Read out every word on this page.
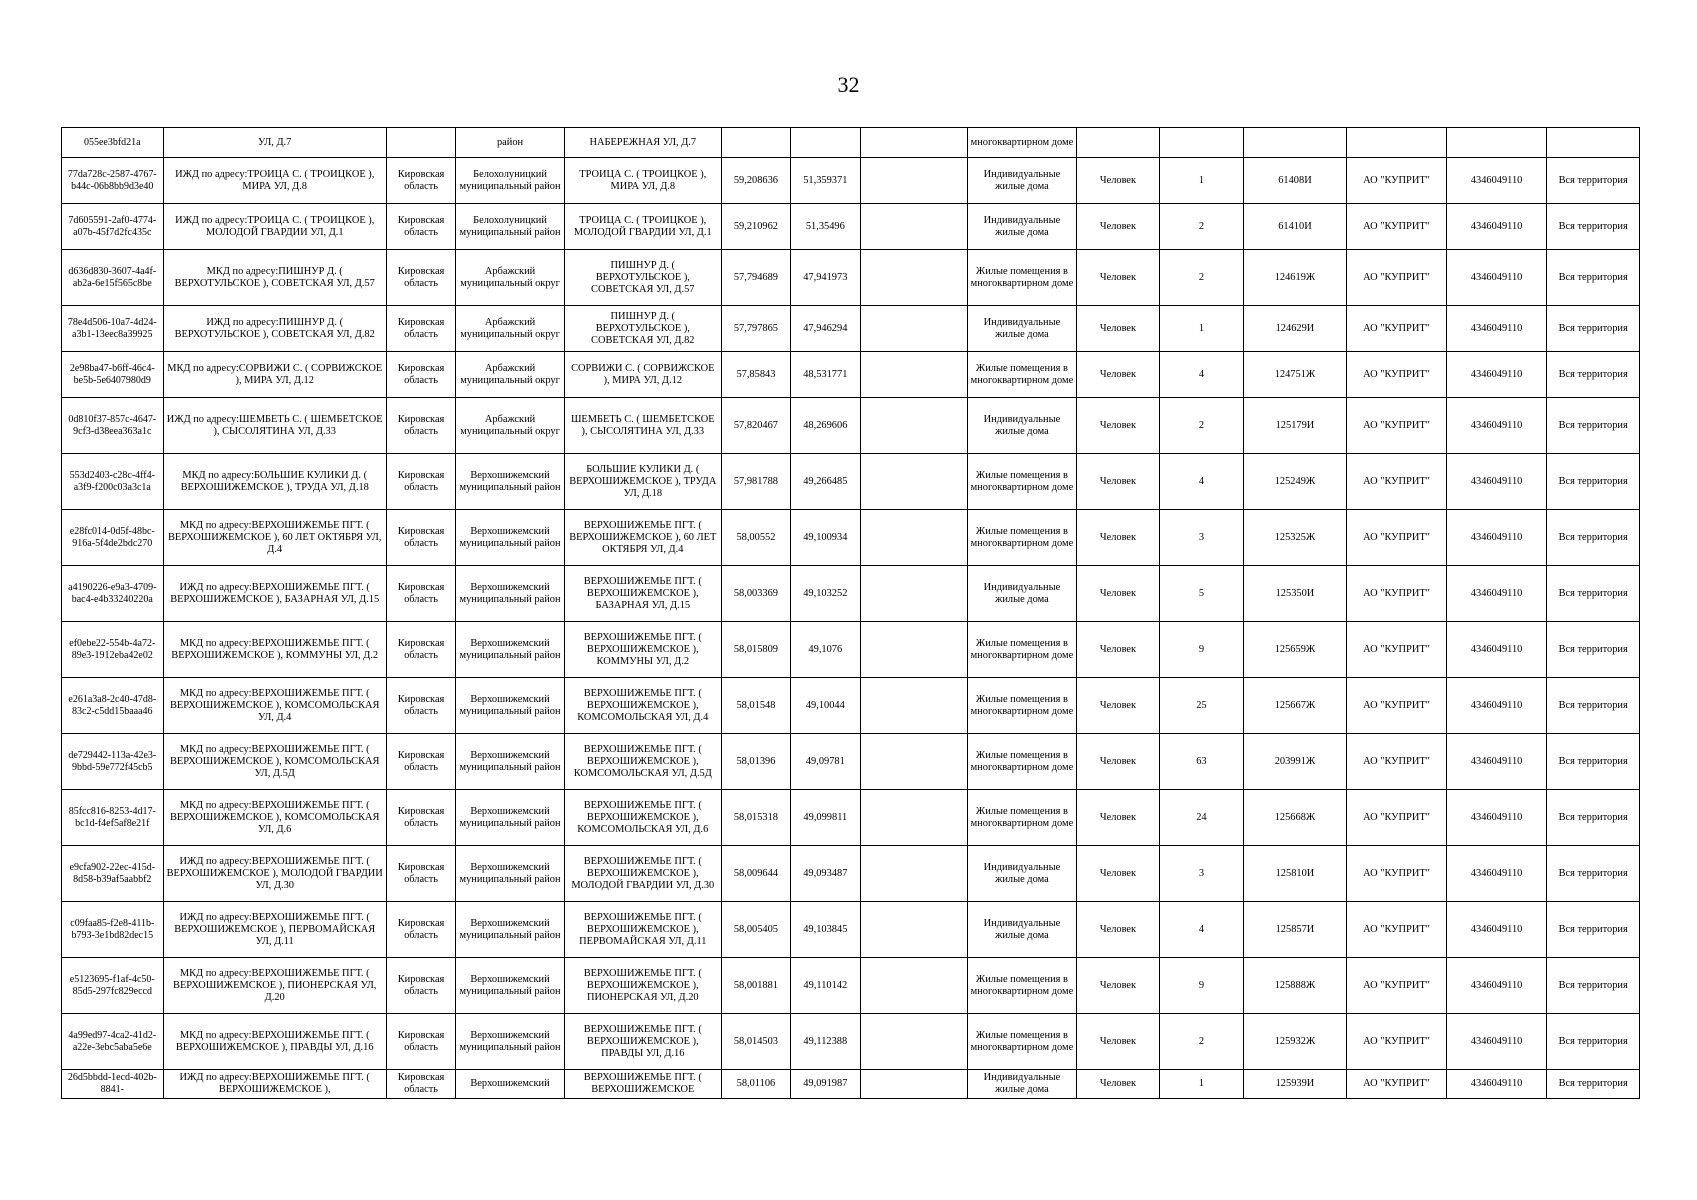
32
055ee3bfd21a	УЛ, Д.7		район	НАБЕРЕЖНАЯ УЛ, Д.7				многоквартирном доме						
77da728c-2587-4767-b44c-06b8bb9d3e40	ИЖД по адресу:ТРОИЦА С. ( ТРОИЦКОЕ ), МИРА УЛ, Д.8	Кировская область	Белохолуницкий муниципальный район	ТРОИЦА С. ( ТРОИЦКОЕ ), МИРА УЛ, Д.8	59,208636	51,359371		Индивидуальные жилые дома	Человек	1	61408И	АО "КУПРИТ"	4346049110	Вся территория
7d605591-2af0-4774-a07b-45f7d2fc435c	ИЖД по адресу:ТРОИЦА С. ( ТРОИЦКОЕ ), МОЛОДОЙ ГВАРДИИ УЛ, Д.1	Кировская область	Белохолуницкий муниципальный район	ТРОИЦА С. ( ТРОИЦКОЕ ), МОЛОДОЙ ГВАРДИИ УЛ, Д.1	59,210962	51,35496		Индивидуальные жилые дома	Человек	2	61410И	АО "КУПРИТ"	4346049110	Вся территория
d636d830-3607-4a4f-ab2a-6e15f565c8be	МКД по адресу:ПИШНУР Д. ( ВЕРХОТУЛЬСКОЕ ), СОВЕТСКАЯ УЛ, Д.57	Кировская область	Арбажский муниципальный округ	ПИШНУР Д. ( ВЕРХОТУЛЬСКОЕ ), СОВЕТСКАЯ УЛ, Д.57	57,794689	47,941973		Жилые помещения в многоквартирном доме	Человек	2	124619Ж	АО "КУПРИТ"	4346049110	Вся территория
78e4d506-10a7-4d24-a3b1-13eec8a39925	ИЖД по адресу:ПИШНУР Д. ( ВЕРХОТУЛЬСКОЕ ), СОВЕТСКАЯ УЛ, Д.82	Кировская область	Арбажский муниципальный округ	ПИШНУР Д. ( ВЕРХОТУЛЬСКОЕ ), СОВЕТСКАЯ УЛ, Д.82	57,797865	47,946294		Индивидуальные жилые дома	Человек	1	124629И	АО "КУПРИТ"	4346049110	Вся территория
2e98ba47-b6ff-46c4-be5b-5e6407980d9	МКД по адресу:СОРВИЖИ С. ( СОРВИЖСКОЕ ), МИРА УЛ, Д.12	Кировская область	Арбажский муниципальный округ	СОРВИЖИ С. ( СОРВИЖСКОЕ ), МИРА УЛ, Д.12	57,85843	48,531771		Жилые помещения в многоквартирном доме	Человек	4	124751Ж	АО "КУПРИТ"	4346049110	Вся территория
0d810f37-857c-4647-9cf3-d38eea363a1c	ИЖД по адресу:ШЕМБЕТЬ С. ( ШЕМБЕТСКОЕ ), СЫСОЛЯТИНА УЛ, Д.33	Кировская область	Арбажский муниципальный округ	ШЕМБЕТЬ С. ( ШЕМБЕТСКОЕ ), СЫСОЛЯТИНА УЛ, Д.33	57,820467	48,269606		Индивидуальные жилые дома	Человек	2	125179И	АО "КУПРИТ"	4346049110	Вся территория
553d2403-c28c-4ff4-a3f9-f200c03a3c1a	МКД по адресу:БОЛЬШИЕ КУЛИКИ Д. ( ВЕРХОШИЖЕМСКОЕ ), ТРУДА УЛ, Д.18	Кировская область	Верхошижемский муниципальный район	БОЛЬШИЕ КУЛИКИ Д. ( ВЕРХОШИЖЕМСКОЕ ), ТРУДА УЛ, Д.18	57,981788	49,266485		Жилые помещения в многоквартирном доме	Человек	4	125249Ж	АО "КУПРИТ"	4346049110	Вся территория
e28fc014-0d5f-48bc-916a-5f4de2bdc270	МКД по адресу:ВЕРХОШИЖЕМЬЕ ПГТ. ( ВЕРХОШИЖЕМСКОЕ ), 60 ЛЕТ ОКТЯБРЯ УЛ, Д.4	Кировская область	Верхошижемский муниципальный район	ВЕРХОШИЖЕМЬЕ ПГТ. ( ВЕРХОШИЖЕМСКОЕ ), 60 ЛЕТ ОКТЯБРЯ УЛ, Д.4	58,00552	49,100934		Жилые помещения в многоквартирном доме	Человек	3	125325Ж	АО "КУПРИТ"	4346049110	Вся территория
a4190226-e9a3-4709-bac4-e4b33240220a	ИЖД по адресу:ВЕРХОШИЖЕМЬЕ ПГТ. ( ВЕРХОШИЖЕМСКОЕ ), БАЗАРНАЯ УЛ, Д.15	Кировская область	Верхошижемский муниципальный район	ВЕРХОШИЖЕМЬЕ ПГТ. ( ВЕРХОШИЖЕМСКОЕ ), БАЗАРНАЯ УЛ, Д.15	58,003369	49,103252		Индивидуальные жилые дома	Человек	5	125350И	АО "КУПРИТ"	4346049110	Вся территория
ef0ebe22-554b-4a72-89e3-1912eba42e02	МКД по адресу:ВЕРХОШИЖЕМЬЕ ПГТ. ( ВЕРХОШИЖЕМСКОЕ ), КОММУНЫ УЛ, Д.2	Кировская область	Верхошижемский муниципальный район	ВЕРХОШИЖЕМЬЕ ПГТ. ( ВЕРХОШИЖЕМСКОЕ ), КОММУНЫ УЛ, Д.2	58,015809	49,1076		Жилые помещения в многоквартирном доме	Человек	9	125659Ж	АО "КУПРИТ"	4346049110	Вся территория
e261a3a8-2c40-47d8-83c2-c5dd15baaa46	МКД по адресу:ВЕРХОШИЖЕМЬЕ ПГТ. ( ВЕРХОШИЖЕМСКОЕ ), КОМСОМОЛЬСКАЯ УЛ, Д.4	Кировская область	Верхошижемский муниципальный район	ВЕРХОШИЖЕМЬЕ ПГТ. ( ВЕРХОШИЖЕМСКОЕ ), КОМСОМОЛЬСКАЯ УЛ, Д.4	58,01548	49,10044		Жилые помещения в многоквартирном доме	Человек	25	125667Ж	АО "КУПРИТ"	4346049110	Вся территория
de729442-113a-42e3-9bbd-59e772f45cb5	МКД по адресу:ВЕРХОШИЖЕМЬЕ ПГТ. ( ВЕРХОШИЖЕМСКОЕ ), КОМСОМОЛЬСКАЯ УЛ, Д.5Д	Кировская область	Верхошижемский муниципальный район	ВЕРХОШИЖЕМЬЕ ПГТ. ( ВЕРХОШИЖЕМСКОЕ ), КОМСОМОЛЬСКАЯ УЛ, Д.5Д	58,01396	49,09781		Жилые помещения в многоквартирном доме	Человек	63	203991Ж	АО "КУПРИТ"	4346049110	Вся территория
85fcc816-8253-4d17-bc1d-f4ef5af8e21f	МКД по адресу:ВЕРХОШИЖЕМЬЕ ПГТ. ( ВЕРХОШИЖЕМСКОЕ ), КОМСОМОЛЬСКАЯ УЛ, Д.6	Кировская область	Верхошижемский муниципальный район	ВЕРХОШИЖЕМЬЕ ПГТ. ( ВЕРХОШИЖЕМСКОЕ ), КОМСОМОЛЬСКАЯ УЛ, Д.6	58,015318	49,099811		Жилые помещения в многоквартирном доме	Человек	24	125668Ж	АО "КУПРИТ"	4346049110	Вся территория
e9cfa902-22ec-415d-8d58-b39af5aabbf2	ИЖД по адресу:ВЕРХОШИЖЕМЬЕ ПГТ. ( ВЕРХОШИЖЕМСКОЕ ), МОЛОДОЙ ГВАРДИИ УЛ, Д.30	Кировская область	Верхошижемский муниципальный район	ВЕРХОШИЖЕМЬЕ ПГТ. ( ВЕРХОШИЖЕМСКОЕ ), МОЛОДОЙ ГВАРДИИ УЛ, Д.30	58,009644	49,093487		Индивидуальные жилые дома	Человек	3	125810И	АО "КУПРИТ"	4346049110	Вся территория
c09faa85-f2e8-411b-b793-3e1bd82dec15	ИЖД по адресу:ВЕРХОШИЖЕМЬЕ ПГТ. ( ВЕРХОШИЖЕМСКОЕ ), ПЕРВОМАЙСКАЯ УЛ, Д.11	Кировская область	Верхошижемский муниципальный район	ВЕРХОШИЖЕМЬЕ ПГТ. ( ВЕРХОШИЖЕМСКОЕ ), ПЕРВОМАЙСКАЯ УЛ, Д.11	58,005405	49,103845		Индивидуальные жилые дома	Человек	4	125857И	АО "КУПРИТ"	4346049110	Вся территория
e5123695-f1af-4c50-85d5-297fc829eccd	МКД по адресу:ВЕРХОШИЖЕМЬЕ ПГТ. ( ВЕРХОШИЖЕМСКОЕ ), ПИОНЕРСКАЯ УЛ, Д.20	Кировская область	Верхошижемский муниципальный район	ВЕРХОШИЖЕМЬЕ ПГТ. ( ВЕРХОШИЖЕМСКОЕ ), ПИОНЕРСКАЯ УЛ, Д.20	58,001881	49,110142		Жилые помещения в многоквартирном доме	Человек	9	125888Ж	АО "КУПРИТ"	4346049110	Вся территория
4a99ed97-4ca2-41d2-a22e-3ebc5aba5e6e	МКД по адресу:ВЕРХОШИЖЕМЬЕ ПГТ. ( ВЕРХОШИЖЕМСКОЕ ), ПРАВДЫ УЛ, Д.16	Кировская область	Верхошижемский муниципальный район	ВЕРХОШИЖЕМЬЕ ПГТ. ( ВЕРХОШИЖЕМСКОЕ ), ПРАВДЫ УЛ, Д.16	58,014503	49,112388		Жилые помещения в многоквартирном доме	Человек	2	125932Ж	АО "КУПРИТ"	4346049110	Вся территория
26d5bbdd-1ecd-402b-8841-	ИЖД по адресу:ВЕРХОШИЖЕМЬЕ ПГТ. ( ВЕРХОШИЖЕМСКОЕ ),	Кировская область	Верхошижемский	ВЕРХОШИЖЕМЬЕ ПГТ. ( ВЕРХОШИЖЕМСКОЕ	58,01106	49,091987		Индивидуальные жилые дома	Человек	1	125939И	АО "КУПРИТ"	4346049110	Вся территория
